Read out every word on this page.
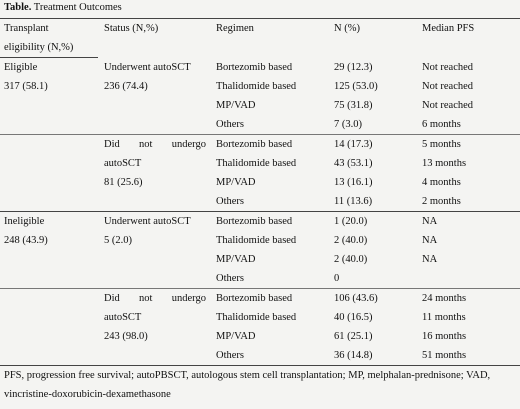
Table. Treatment Outcomes
Transplant	Status (N,%)	Regimen	N (%)	Median PFS
eligibility (N,%)				
Eligible	Underwent autoSCT	Bortezomib based	29 (12.3)	Not reached
317 (58.1)	236 (74.4)	Thalidomide based	125 (53.0)	Not reached
		MP/VAD	75 (31.8)	Not reached
		Others	7 (3.0)	6 months

	Did not undergo	Bortezomib based	14 (17.3)	5 months
	autoSCT	Thalidomide based	43 (53.1)	13 months
	81 (25.6)	MP/VAD	13 (16.1)	4 months
		Others	11 (13.6)	2 months
Ineligible	Underwent autoSCT	Bortezomib based	1 (20.0)	NA
248 (43.9)	5 (2.0)	Thalidomide based	2 (40.0)	NA
		MP/VAD	2 (40.0)	NA
		Others	0	

	Did not undergo	Bortezomib based	106 (43.6)	24 months
	autoSCT	Thalidomide based	40 (16.5)	11 months
	243 (98.0)	MP/VAD	61 (25.1)	16 months
		Others	36 (14.8)	51 months
PFS, progression free survival; autoPBSCT, autologous stem cell transplantation; MP, melphalan-prednisone; VAD, vincristine-doxorubicin-dexamethasone
